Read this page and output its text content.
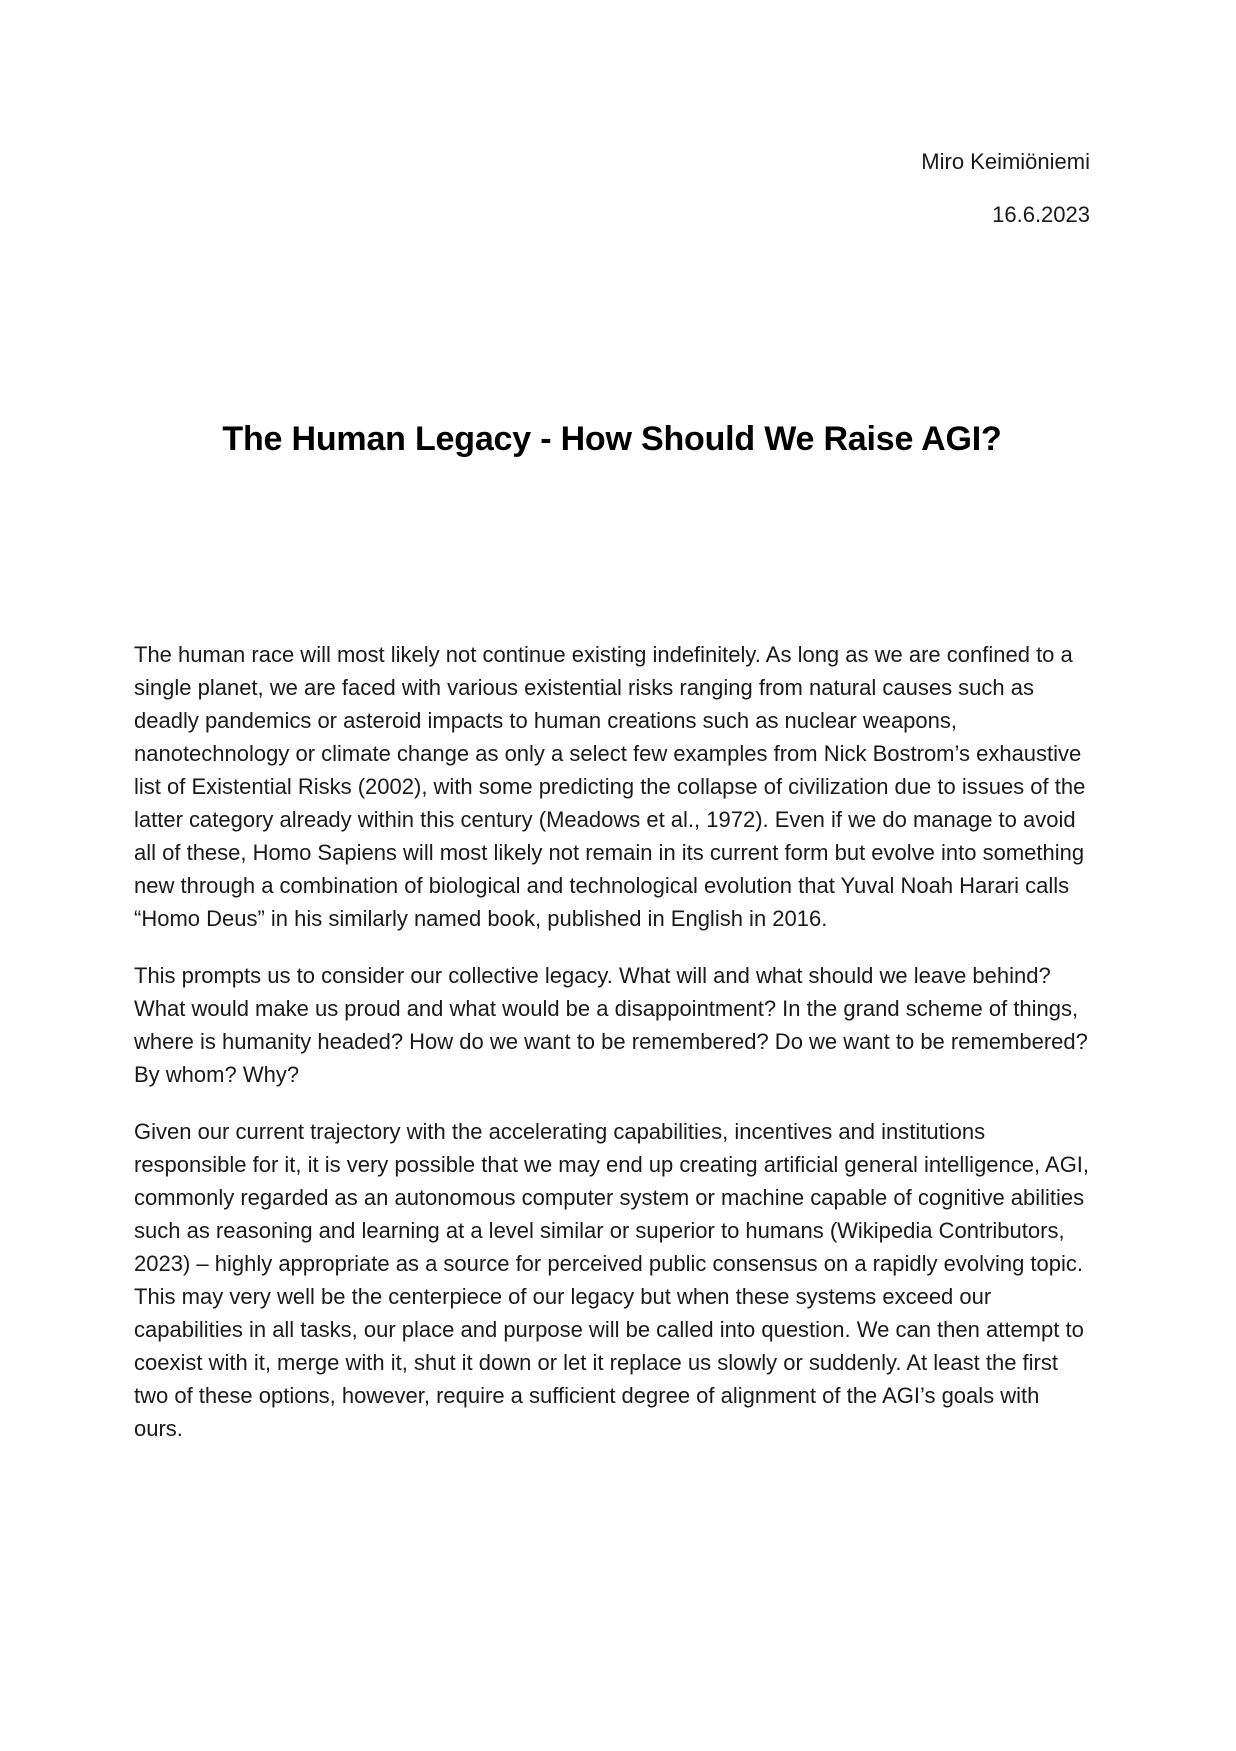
Miro Keimiöniemi

16.6.2023

The Human Legacy - How Should We Raise AGI?

The human race will most likely not continue existing indefinitely. As long as we are confined to a single planet, we are faced with various existential risks ranging from natural causes such as deadly pandemics or asteroid impacts to human creations such as nuclear weapons, nanotechnology or climate change as only a select few examples from Nick Bostrom’s exhaustive list of Existential Risks (2002), with some predicting the collapse of civilization due to issues of the latter category already within this century (Meadows et al., 1972). Even if we do manage to avoid all of these, Homo Sapiens will most likely not remain in its current form but evolve into something new through a combination of biological and technological evolution that Yuval Noah Harari calls “Homo Deus” in his similarly named book, published in English in 2016.

This prompts us to consider our collective legacy. What will and what should we leave behind? What would make us proud and what would be a disappointment? In the grand scheme of things, where is humanity headed? How do we want to be remembered? Do we want to be remembered? By whom? Why?

Given our current trajectory with the accelerating capabilities, incentives and institutions responsible for it, it is very possible that we may end up creating artificial general intelligence, AGI, commonly regarded as an autonomous computer system or machine capable of cognitive abilities such as reasoning and learning at a level similar or superior to humans (Wikipedia Contributors, 2023) – highly appropriate as a source for perceived public consensus on a rapidly evolving topic. This may very well be the centerpiece of our legacy but when these systems exceed our capabilities in all tasks, our place and purpose will be called into question. We can then attempt to coexist with it, merge with it, shut it down or let it replace us slowly or suddenly. At least the first two of these options, however, require a sufficient degree of alignment of the AGI’s goals with ours.
